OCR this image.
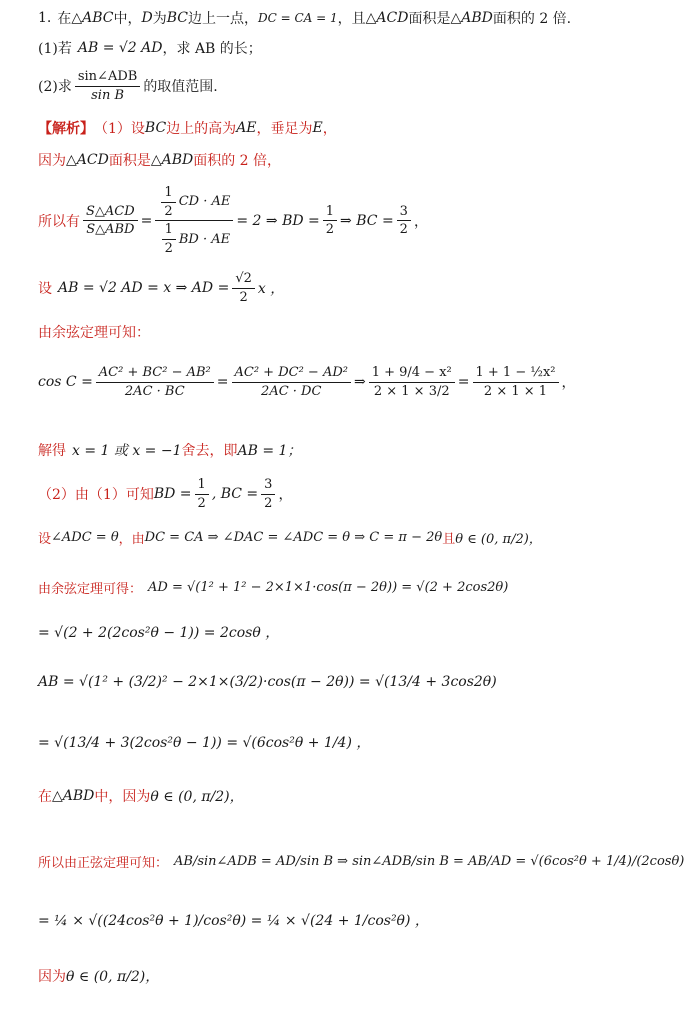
1. 在 △ABC 中， D 为 BC 边上一点， DC = CA = 1 ，且 △ACD 面积是 △ABD 面积的 2 倍.
(1)若 AB = √2 AD ，求 AB 的长；
(2)求 $\frac{\text{sin∠ADB}}{\text{sin B}}$ 的取值范围.
【解析】 （1）设 BC 边上的高为 AE ，垂足为 E ，
因为 △ACD 面积是 △ABD 面积的 2 倍，
所以有 $\frac{\text{S△ACD}}{\text{S△ABD}} = \frac{\frac{1}{2} CD \cdot AE}{\frac{1}{2} BD \cdot AE} = 2$ ⇒ BD = $\frac{1}{2}$ ⇒ BC = $\frac{3}{2}$ ，
设 AB = √2 AD = x ⇒ AD = $\frac{√2}{2}$ x ，
由余弦定理可知：
$\cos C = \frac{\text{AC² + BC² − AB²}}{2AC \cdot BC} = \frac{\text{AC² + DC² − AD²}}{2AC \cdot DC}$ ⇒ $\frac{\text{1 + 9/4 − x²}}{2 \times 1 \times 3/2} = \frac{\text{1 + 1 − ½x²}}{2 \times 1 \times 1}$ ，
解得 x = 1 或 x = −1 舍去，即 AB = 1；
（2）由（1）可知 BD = $\frac{1}{2}$ , BC = $\frac{3}{2}$ ，
设 ∠ADC = θ ，由 DC = CA ⇒ ∠DAC = ∠ADC = θ ⇒ C = π − 2θ 且 θ ∈ (0, π/2)，
由余弦定理可得： AD = √(1² + 1² − 2×1×1·cos(π − 2θ)) = √(2 + 2cos2θ)
= √(2 + 2(2cos²θ − 1)) = 2cosθ ，
AB = √(1² + (3/2)² − 2×1×(3/2)·cos(π − 2θ)) = √(13/4 + 3cos2θ)
= √(13/4 + 3(2cos²θ − 1)) = √(6cos²θ + 1/4) ，
在 △ABD 中，因为 θ ∈ (0, π/2)，
所以由正弦定理可知： AB/sin∠ADB = AD/sin B ⇒ sin∠ADB/sin B = AB/AD = √(6cos²θ + 1/4)/(2cosθ)
= ¼ × √((24cos²θ + 1)/cos²θ) = ¼ × √(24 + 1/cos²θ) ，
因为 θ ∈ (0, π/2)，
